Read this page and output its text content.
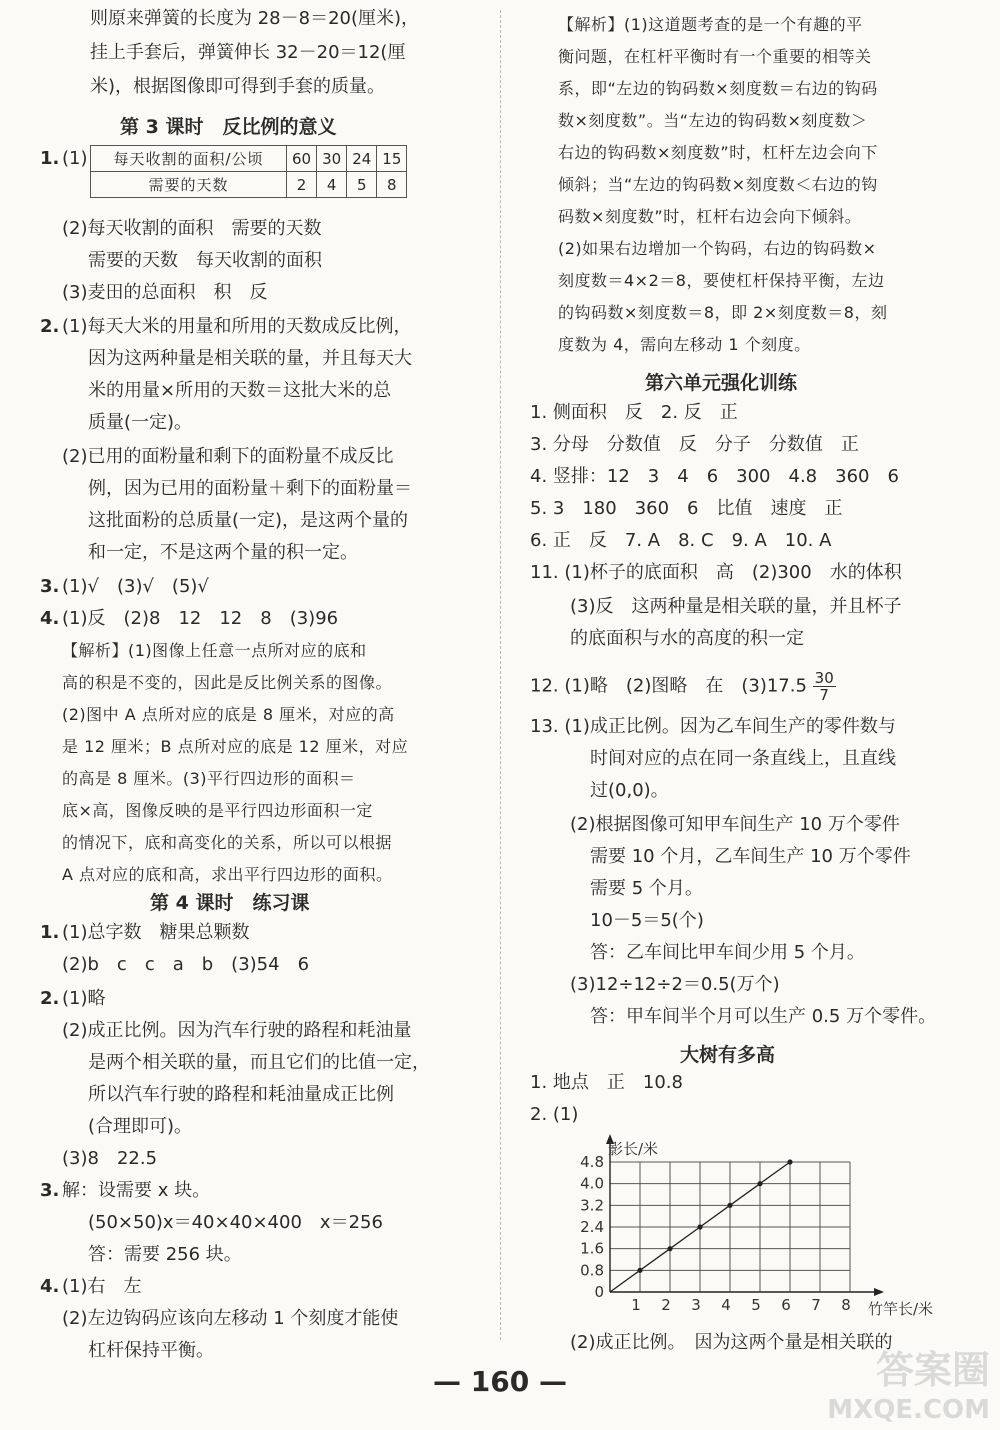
则原来弹簧的长度为 28－8＝20(厘米)，
挂上手套后，弹簧伸长 32－20＝12(厘
米)，根据图像即可得到手套的质量。
第 3 课时　反比例的意义
1. (1) 每天收割的面积/公顷	60	30	24	15
需要的天数	2	4	5	8
(2)每天收割的面积　需要的天数
需要的天数　每天收割的面积
(3)麦田的总面积　积　反
2. (1)每天大米的用量和所用的天数成反比例，
因为这两种量是相关联的量，并且每天大
米的用量×所用的天数＝这批大米的总
质量(一定)。
(2)已用的面粉量和剩下的面粉量不成反比
例，因为已用的面粉量＋剩下的面粉量＝
这批面粉的总质量(一定)，是这两个量的
和一定，不是这两个量的积一定。
3. (1)√　(3)√　(5)√
4. (1)反　(2)8　12　12　8　(3)96
【解析】(1)图像上任意一点所对应的底和
高的积是不变的，因此是反比例关系的图像。
(2)图中 A 点所对应的底是 8 厘米，对应的高
是 12 厘米；B 点所对应的底是 12 厘米，对应
的高是 8 厘米。(3)平行四边形的面积＝
底×高，图像反映的是平行四边形面积一定
的情况下，底和高变化的关系，所以可以根据
A 点对应的底和高，求出平行四边形的面积。
第 4 课时　练习课
1. (1)总字数　糖果总颗数
(2)b　c　c　a　b　(3)54　6
2. (1)略
(2)成正比例。因为汽车行驶的路程和耗油量
是两个相关联的量，而且它们的比值一定，
所以汽车行驶的路程和耗油量成正比例
(合理即可)。
(3)8　22.5
3. 解：设需要 x 块。
(50×50)x＝40×40×400　x＝256
答：需要 256 块。
4. (1)右　左
(2)左边钩码应该向左移动 1 个刻度才能使
杠杆保持平衡。
【解析】(1)这道题考查的是一个有趣的平
衡问题，在杠杆平衡时有一个重要的相等关
系，即“左边的钩码数×刻度数＝右边的钩码
数×刻度数”。当“左边的钩码数×刻度数＞
右边的钩码数×刻度数”时，杠杆左边会向下
倾斜；当“左边的钩码数×刻度数＜右边的钩
码数×刻度数”时，杠杆右边会向下倾斜。
(2)如果右边增加一个钩码，右边的钩码数×
刻度数＝4×2＝8，要使杠杆保持平衡，左边
的钩码数×刻度数＝8，即 2×刻度数＝8，刻
度数为 4，需向左移动 1 个刻度。
第六单元强化训练
1. 侧面积　反　2. 反　正
3. 分母　分数值　反　分子　分数值　正
4. 竖排：12　3　4　6　300　4.8　360　6
5. 3　180　360　6　比值　速度　正
6. 正　反　7. A　8. C　9. A　10. A
11. (1)杯子的底面积　高　(2)300　水的体积
(3)反　这两种量是相关联的量，并且杯子
的底面积与水的高度的积一定
12. (1)略　(2)图略　在　$(3)17.5 \frac{30}{7}$
13. (1)成正比例。因为乙车间生产的零件数与
时间对应的点在同一条直线上，且直线
过(0,0)。
(2)根据图像可知甲车间生产 10 万个零件
需要 10 个月，乙车间生产 10 万个零件
需要 5 个月。
10－5＝5(个)
答：乙车间比甲车间少用 5 个月。
(3)12÷12÷2＝0.5(万个)
答：甲车间半个月可以生产 0.5 万个零件。
大树有多高
1. 地点　正　10.8
2. (1)
0
0.8
1.6
2.4
3.2
4.0
4.8
1 2 3 4 5 6 7 8
影长/米
竹竿长/米
(2)成正比例。　因为这两个量是相关联的
— 160 —	答案圈
MXQE.COM
